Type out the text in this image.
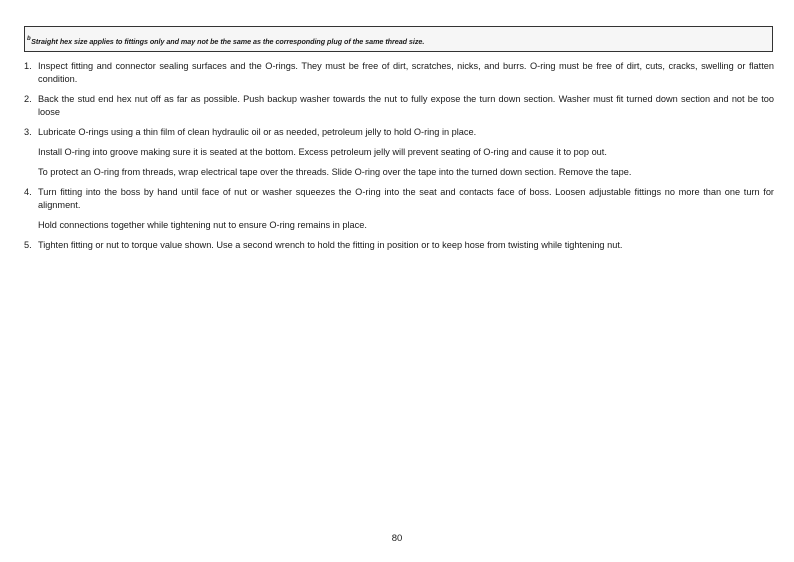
$^b$Straight hex size applies to fittings only and may not be the same as the corresponding plug of the same thread size.
1. Inspect fitting and connector sealing surfaces and the O-rings. They must be free of dirt, scratches, nicks, and burrs. O-ring must be free of dirt, cuts, cracks, swelling or flatten condition.
2. Back the stud end hex nut off as far as possible. Push backup washer towards the nut to fully expose the turn down section. Washer must fit turned down section and not be too loose
3. Lubricate O-rings using a thin film of clean hydraulic oil or as needed, petroleum jelly to hold O-ring in place.
Install O-ring into groove making sure it is seated at the bottom. Excess petroleum jelly will prevent seating of O-ring and cause it to pop out.
To protect an O-ring from threads, wrap electrical tape over the threads. Slide O-ring over the tape into the turned down section. Remove the tape.
4. Turn fitting into the boss by hand until face of nut or washer squeezes the O-ring into the seat and contacts face of boss. Loosen adjustable fittings no more than one turn for alignment.
Hold connections together while tightening nut to ensure O-ring remains in place.
5. Tighten fitting or nut to torque value shown. Use a second wrench to hold the fitting in position or to keep hose from twisting while tightening nut.
80
